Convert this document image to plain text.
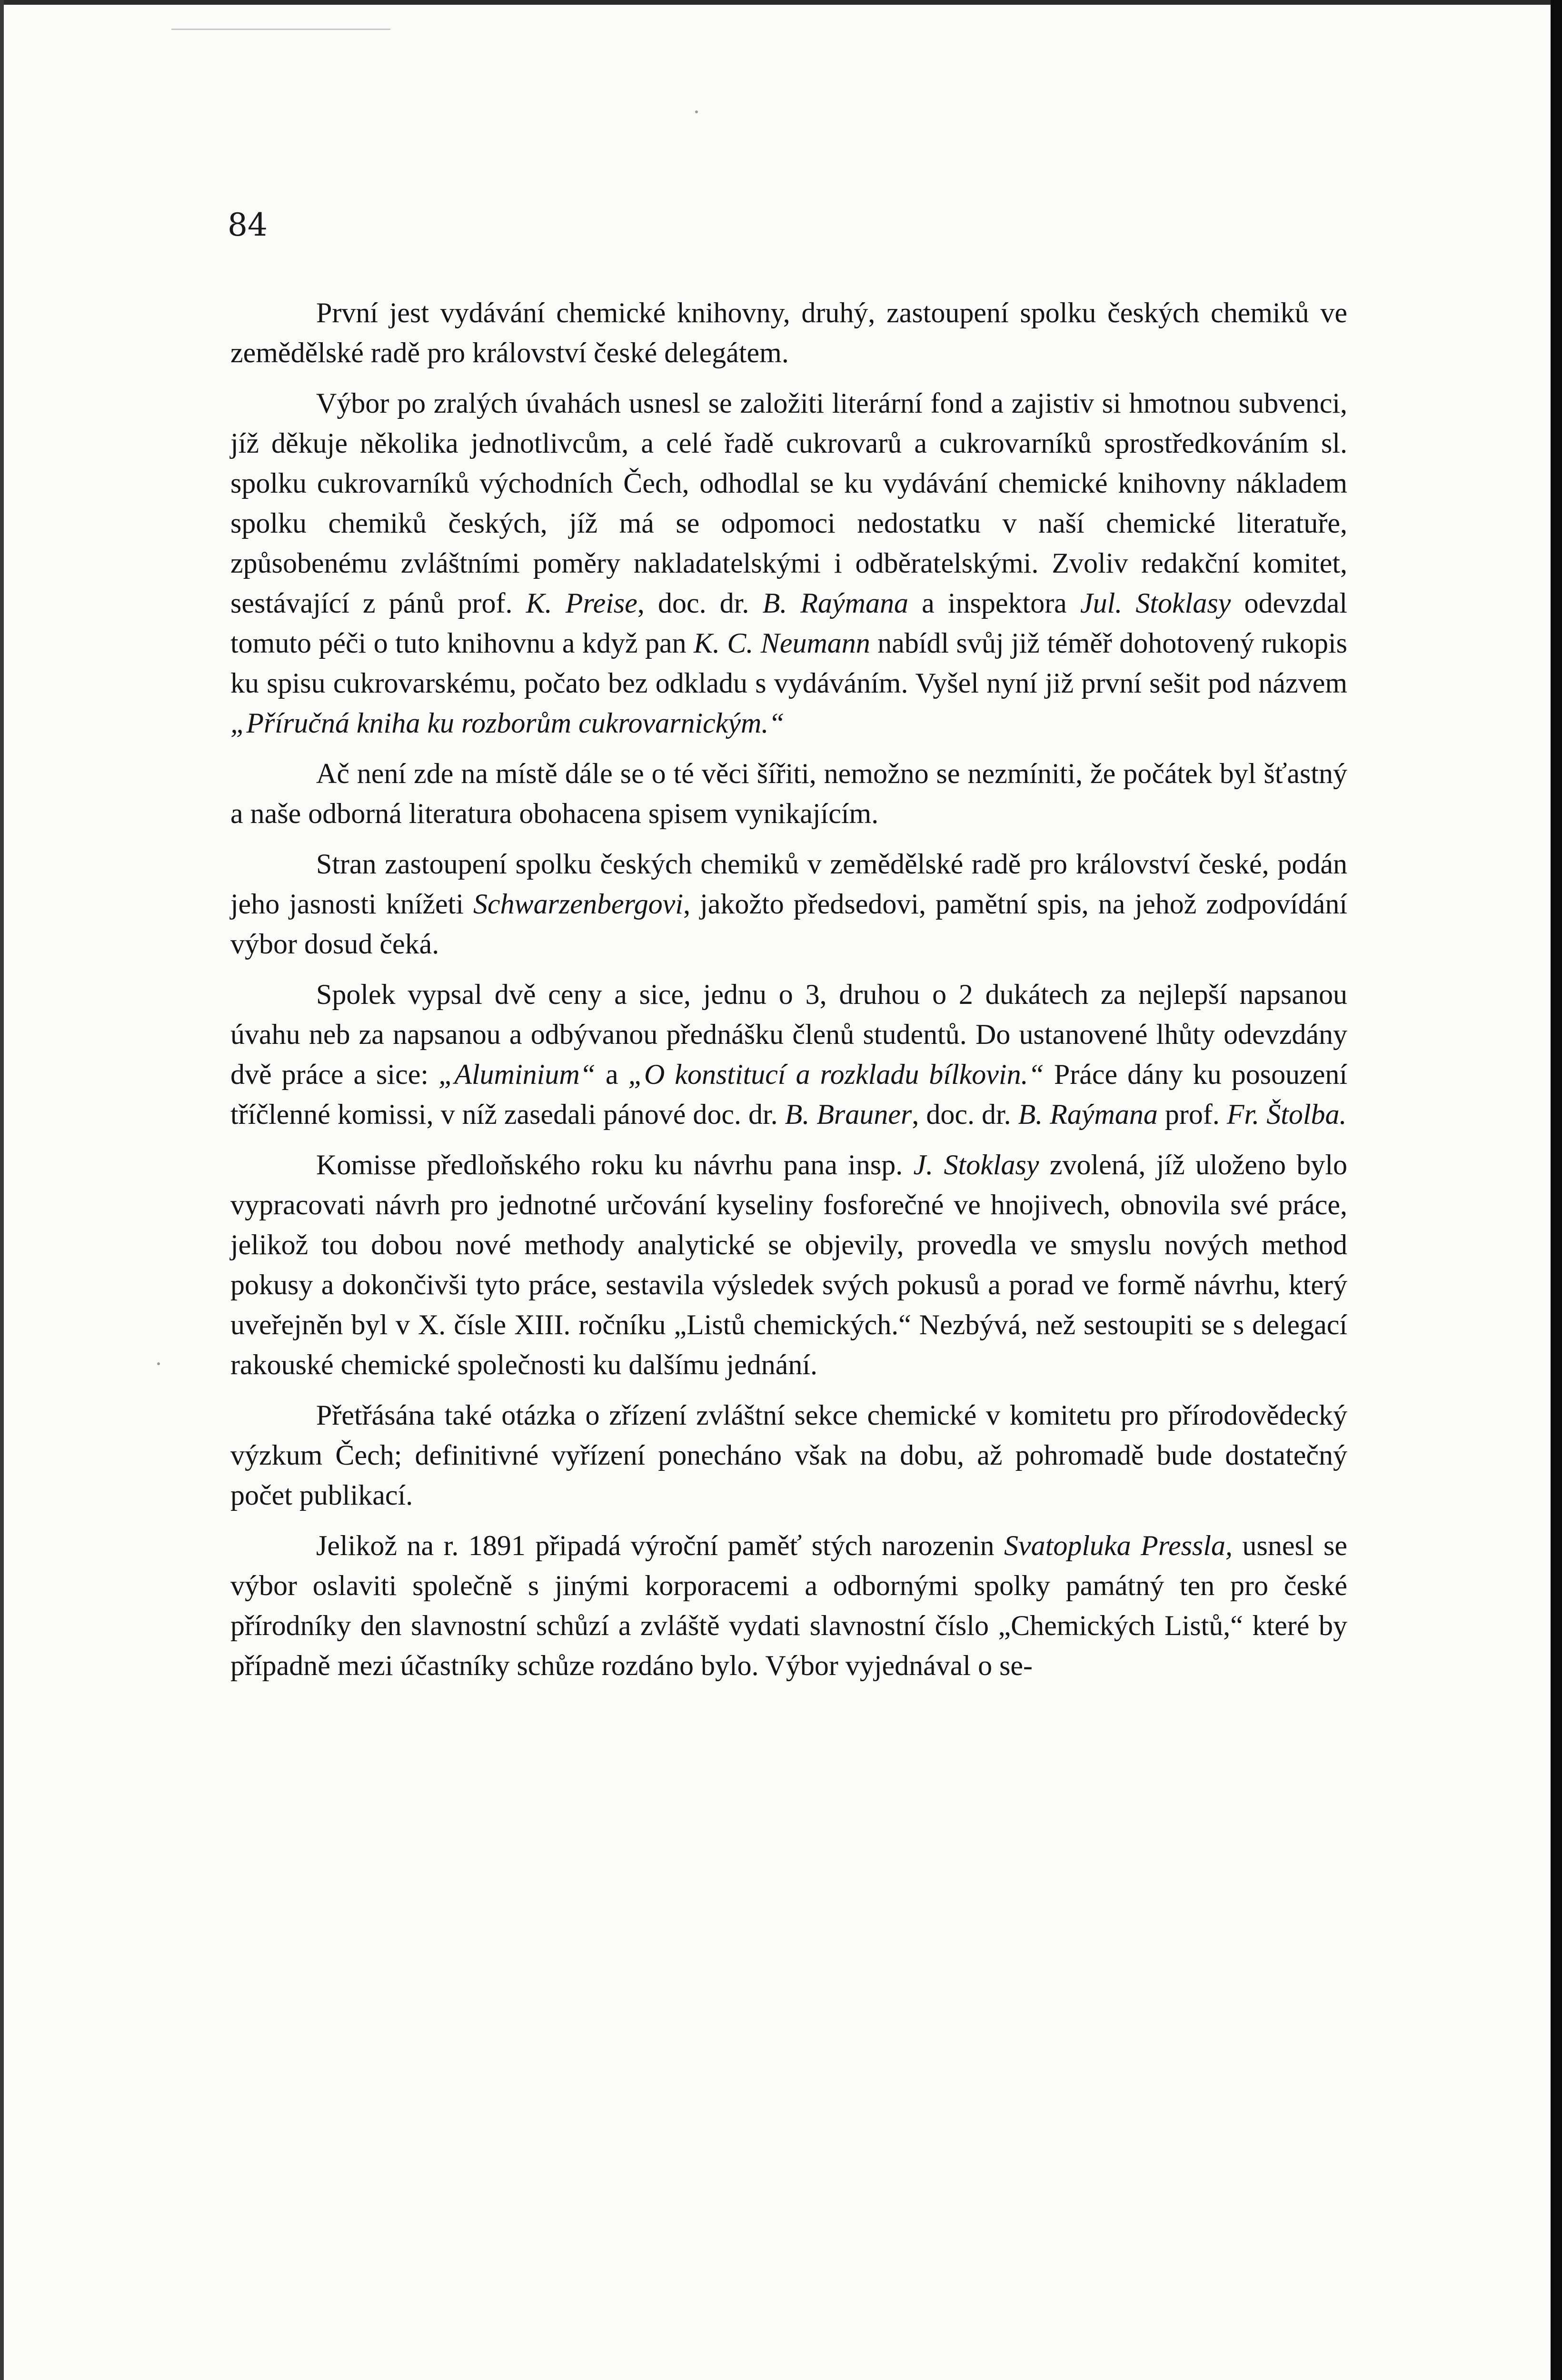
84

První jest vydávání chemické knihovny, druhý, zastoupení spolku českých chemiků ve zemědělské radě pro království české delegátem.

Výbor po zralých úvahách usnesl se založiti literární fond a zajistiv si hmotnou subvenci, jíž děkuje několika jednotlivcům, a celé řadě cukrovarů a cukrovarníků sprostředkováním sl. spolku cukrovarníků východních Čech, odhodlal se ku vydávání chemické knihovny nákladem spolku chemiků českých, jíž má se odpomoci nedostatku v naší chemické literatuře, způsobenému zvláštními poměry nakladatelskými i odběratelskými. Zvoliv redakční komitet, sestávající z pánů prof. K. Preise, doc. dr. B. Raýmana a inspektora Jul. Stoklasy odevzdal tomuto péči o tuto knihovnu a když pan K. C. Neumann nabídl svůj již téměř dohotovený rukopis ku spisu cukrovarskému, počato bez odkladu s vydáváním. Vyšel nyní již první sešit pod názvem „Příručná kniha ku rozborům cukrovarnickým.“

Ač není zde na místě dále se o té věci šířiti, nemožno se nezmíniti, že počátek byl šťastný a naše odborná literatura obohacena spisem vynikajícím.

Stran zastoupení spolku českých chemiků v zemědělské radě pro království české, podán jeho jasnosti knížeti Schwarzenbergovi, jakožto předsedovi, pamětní spis, na jehož zodpovídání výbor dosud čeká.

Spolek vypsal dvě ceny a sice, jednu o 3, druhou o 2 dukátech za nejlepší napsanou úvahu neb za napsanou a odbývanou přednášku členů studentů. Do ustanovené lhůty odevzdány dvě práce a sice: „Aluminium“ a „O konstitucí a rozkladu bílkovin.“ Práce dány ku posouzení tříčlenné komissi, v níž zasedali pánové doc. dr. B. Brauner, doc. dr. B. Raýmana prof. Fr. Štolba.

Komisse předloňského roku ku návrhu pana insp. J. Stoklasy zvolená, jíž uloženo bylo vypracovati návrh pro jednotné určování kyseliny fosforečné ve hnojivech, obnovila své práce, jelikož tou dobou nové methody analytické se objevily, provedla ve smyslu nových method pokusy a dokončivši tyto práce, sestavila výsledek svých pokusů a porad ve formě návrhu, který uveřejněn byl v X. čísle XIII. ročníku „Listů chemických.“ Nezbývá, než sestoupiti se s delegací rakouské chemické společnosti ku dalšímu jednání.

Přetřásána také otázka o zřízení zvláštní sekce chemické v komitetu pro přírodovědecký výzkum Čech; definitivné vyřízení ponecháno však na dobu, až pohromadě bude dostatečný počet publikací.

Jelikož na r. 1891 připadá výroční paměť stých narozenin Svatopluka Pressla, usnesl se výbor oslaviti společně s jinými korporacemi a odbornými spolky památný ten pro české přírodníky den slavnostní schůzí a zvláště vydati slavnostní číslo „Chemických Listů,“ které by případně mezi účastníky schůze rozdáno bylo. Výbor vyjednával o se-
